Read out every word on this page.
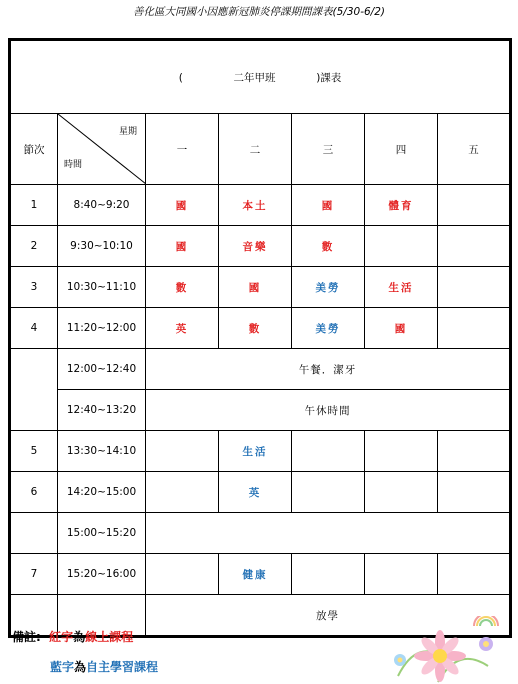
善化區大同國小因應新冠肺炎停課期間課表(5/30-6/2)
( 二年甲班 )課表						
節次	星期
時間	一	二	三	四	五
1	8:40~9:20	國	本土	國	體育	
2	9:30~10:10	國	音樂	數		
3	10:30~11:10	數	國	美勞	生活	
4	11:20~12:00	英	數	美勞	國	
	12:00~12:40	午餐．潔牙				
	12:40~13:20	午休時間				
5	13:30~14:10		生活			
6	14:20~15:00		英			
	15:00~15:20					
7	15:20~16:00		健康			
		放學				
備註: 紅字為線上課程
藍字為自主學習課程
